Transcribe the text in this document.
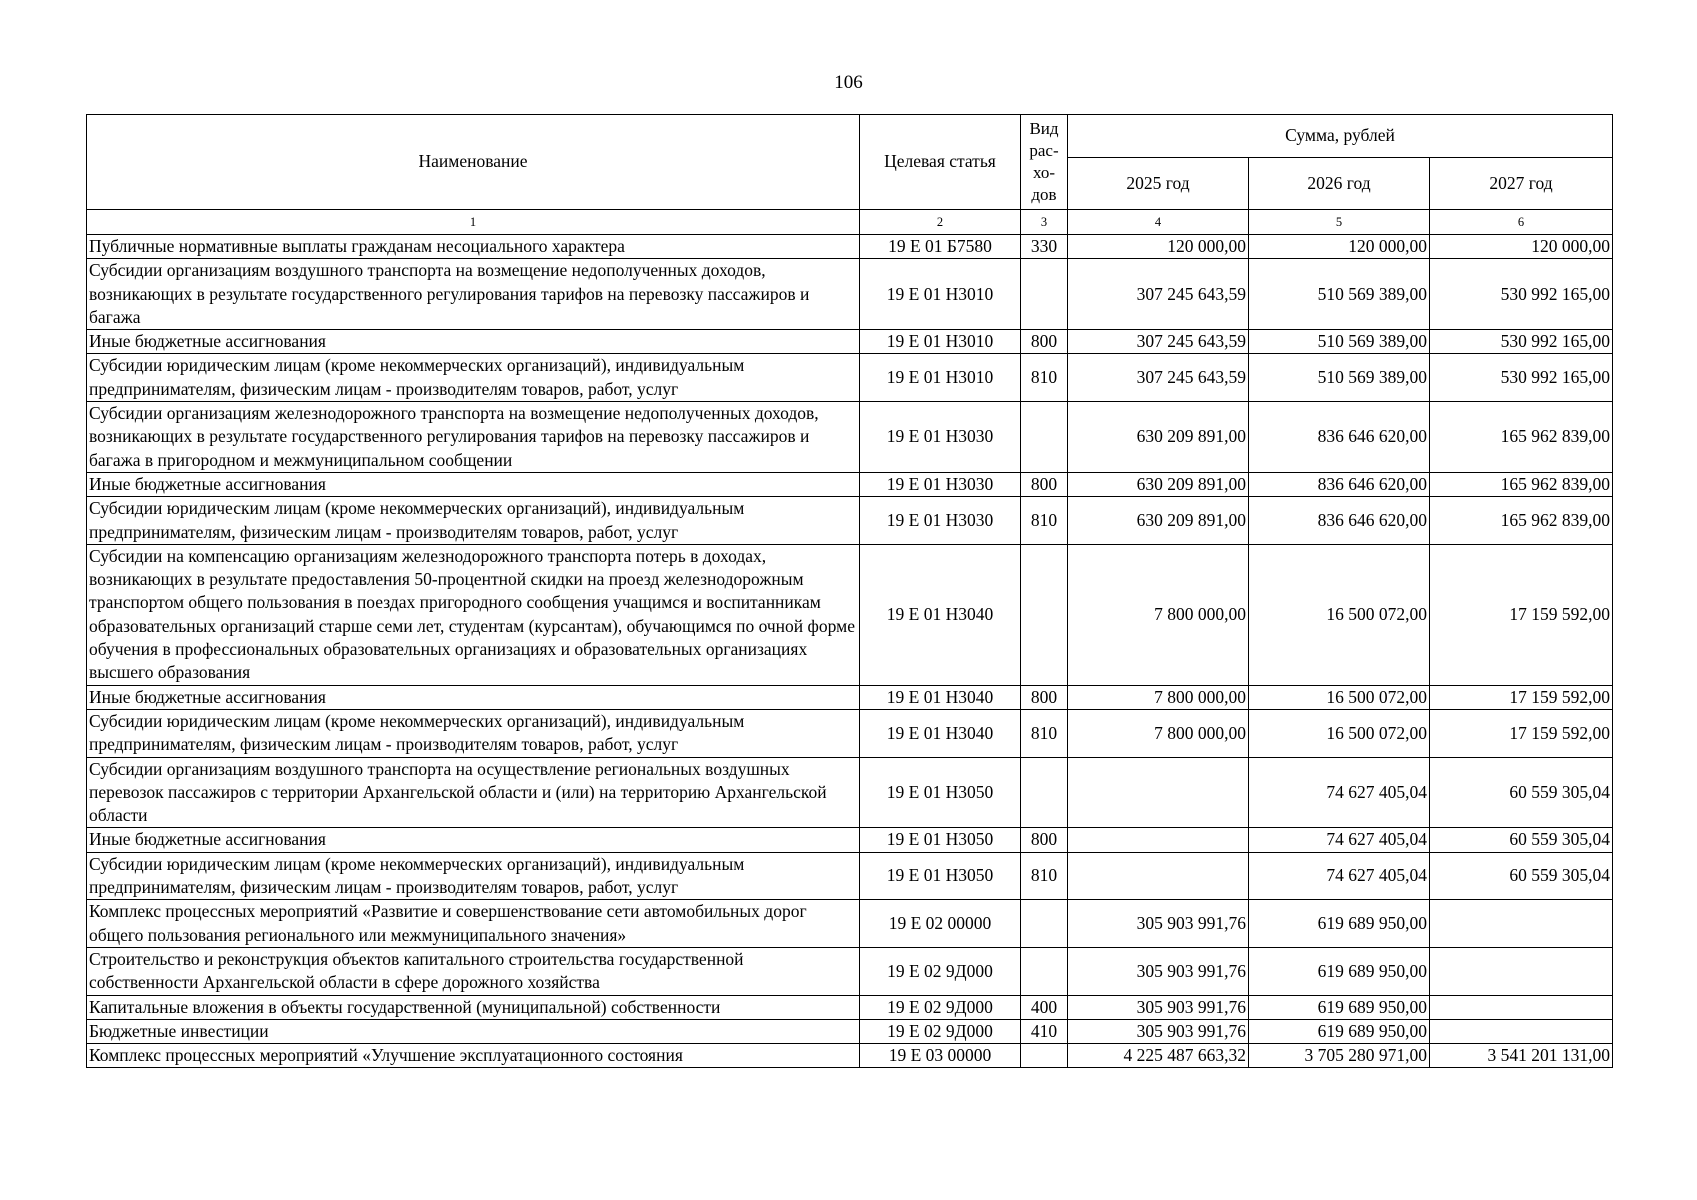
106
Наименование	Целевая статья	Вид
рас-
хо-
дов	Сумма, рублей		
			2025 год	2026 год	2027 год
1	2	3	4	5	6
Публичные нормативные выплаты гражданам несоциального характера	19 Е 01 Б7580	330	120 000,00	120 000,00	120 000,00
Субсидии организациям воздушного транспорта на возмещение недополученных доходов, возникающих в результате государственного регулирования тарифов на перевозку пассажиров и багажа	19 Е 01 Н3010		307 245 643,59	510 569 389,00	530 992 165,00
Иные бюджетные ассигнования	19 Е 01 Н3010	800	307 245 643,59	510 569 389,00	530 992 165,00
Субсидии юридическим лицам (кроме некоммерческих организаций), индивидуальным предпринимателям, физическим лицам - производителям товаров, работ, услуг	19 Е 01 Н3010	810	307 245 643,59	510 569 389,00	530 992 165,00
Субсидии организациям железнодорожного транспорта на возмещение недополученных доходов, возникающих в результате государственного регулирования тарифов на перевозку пассажиров и багажа в пригородном и межмуниципальном сообщении	19 Е 01 Н3030		630 209 891,00	836 646 620,00	165 962 839,00
Иные бюджетные ассигнования	19 Е 01 Н3030	800	630 209 891,00	836 646 620,00	165 962 839,00
Субсидии юридическим лицам (кроме некоммерческих организаций), индивидуальным предпринимателям, физическим лицам - производителям товаров, работ, услуг	19 Е 01 Н3030	810	630 209 891,00	836 646 620,00	165 962 839,00
Субсидии на компенсацию организациям железнодорожного транспорта потерь в доходах, возникающих в результате предоставления 50-процентной скидки на проезд железнодорожным транспортом общего пользования в поездах пригородного сообщения учащимся и воспитанникам образовательных организаций старше семи лет, студентам (курсантам), обучающимся по очной форме обучения в профессиональных образовательных организациях и образовательных организациях высшего образования	19 Е 01 Н3040		7 800 000,00	16 500 072,00	17 159 592,00
Иные бюджетные ассигнования	19 Е 01 Н3040	800	7 800 000,00	16 500 072,00	17 159 592,00
Субсидии юридическим лицам (кроме некоммерческих организаций), индивидуальным предпринимателям, физическим лицам - производителям товаров, работ, услуг	19 Е 01 Н3040	810	7 800 000,00	16 500 072,00	17 159 592,00
Субсидии организациям воздушного транспорта на осуществление региональных воздушных перевозок пассажиров с территории Архангельской области и (или) на территорию Архангельской области	19 Е 01 Н3050			74 627 405,04	60 559 305,04
Иные бюджетные ассигнования	19 Е 01 Н3050	800		74 627 405,04	60 559 305,04
Субсидии юридическим лицам (кроме некоммерческих организаций), индивидуальным предпринимателям, физическим лицам - производителям товаров, работ, услуг	19 Е 01 Н3050	810		74 627 405,04	60 559 305,04
Комплекс процессных мероприятий «Развитие и совершенствование сети автомобильных дорог общего пользования регионального или межмуниципального значения»	19 Е 02 00000		305 903 991,76	619 689 950,00	
Строительство и реконструкция объектов капитального строительства государственной собственности Архангельской области в сфере дорожного хозяйства	19 Е 02 9Д000		305 903 991,76	619 689 950,00	
Капитальные вложения в объекты государственной (муниципальной) собственности	19 Е 02 9Д000	400	305 903 991,76	619 689 950,00	
Бюджетные инвестиции	19 Е 02 9Д000	410	305 903 991,76	619 689 950,00	
Комплекс процессных мероприятий «Улучшение эксплуатационного состояния	19 Е 03 00000		4 225 487 663,32	3 705 280 971,00	3 541 201 131,00
